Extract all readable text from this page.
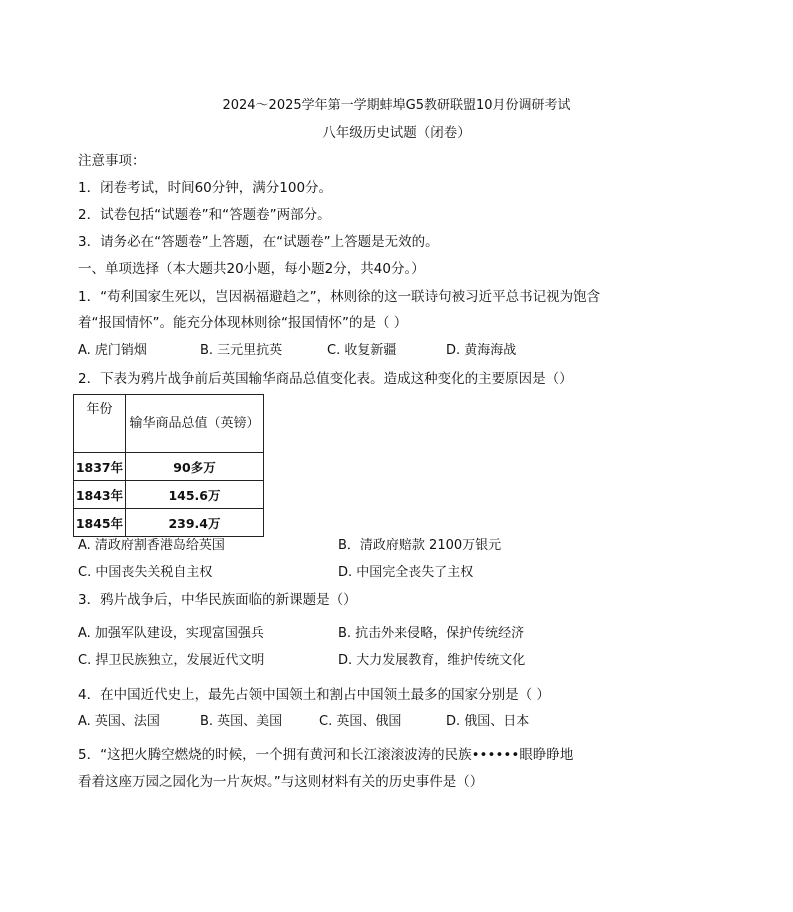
2024～2025学年第一学期蚌埠G5教研联盟10月份调研考试
八年级历史试题（闭卷）
注意事项：
1．闭卷考试，时间60分钟，满分100分。
2．试卷包括“试题卷”和“答题卷”两部分。
3．请务必在“答题卷”上答题，在“试题卷”上答题是无效的。
一、单项选择（本大题共20小题，每小题2分，共40分。）
1．“苟利国家生死以，岂因祸福避趋之”，林则徐的这一联诗句被习近平总书记视为饱含
着“报国情怀”。能充分体现林则徐“报国情怀”的是（ ）
A. 虎门销烟	B. 三元里抗英	C. 收复新疆	D. 黄海海战
2．下表为鸦片战争前后英国输华商品总值变化表。造成这种变化的主要原因是（）
年份	输华商品总值（英镑）
1837年	90多万
1843年	145.6万
1845年	239.4万
A. 清政府割香港岛给英国	B．清政府赔款 2100万银元
C. 中国丧失关税自主权	D. 中国完全丧失了主权
3．鸦片战争后，中华民族面临的新课题是（）
A. 加强军队建设，实现富国强兵	B. 抗击外来侵略，保护传统经济
C. 捍卫民族独立，发展近代文明	D. 大力发展教育，维护传统文化
4．在中国近代史上，最先占领中国领土和割占中国领土最多的国家分别是（ ）
A. 英国、法国	B. 英国、美国	C. 英国、俄国	D. 俄国、日本
5．“这把火腾空燃烧的时候，一个拥有黄河和长江滚滚波涛的民族••••••眼睁睁地
看着这座万园之园化为一片灰烬。”与这则材料有关的历史事件是（）
